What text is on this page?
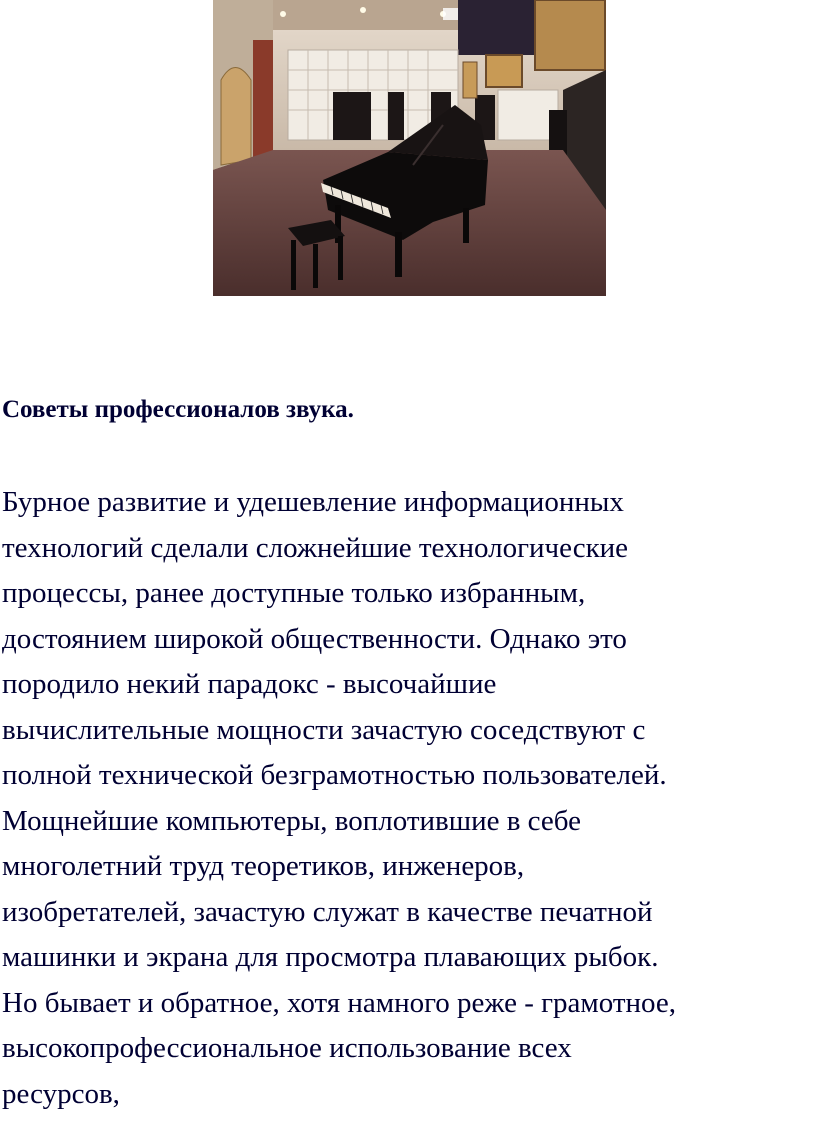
Советы профессионалов звука.
Бурное развитие и удешевление информационных
технологий сделали сложнейшие технологические
процессы, ранее доступные только избранным,
достоянием широкой общественности. Однако это
породило некий парадокс - высочайшие
вычислительные мощности зачастую соседствуют с
полной технической безграмотностью пользователей.
Мощнейшие компьютеры, воплотившие в себе
многолетний труд теоретиков, инженеров,
изобретателей, зачастую служат в качестве печатной
машинки и экрана для просмотра плавающих рыбок.
Но бывает и обратное, хотя намного реже - грамотное,
высокопрофессиональное использование всех
ресурсов,
